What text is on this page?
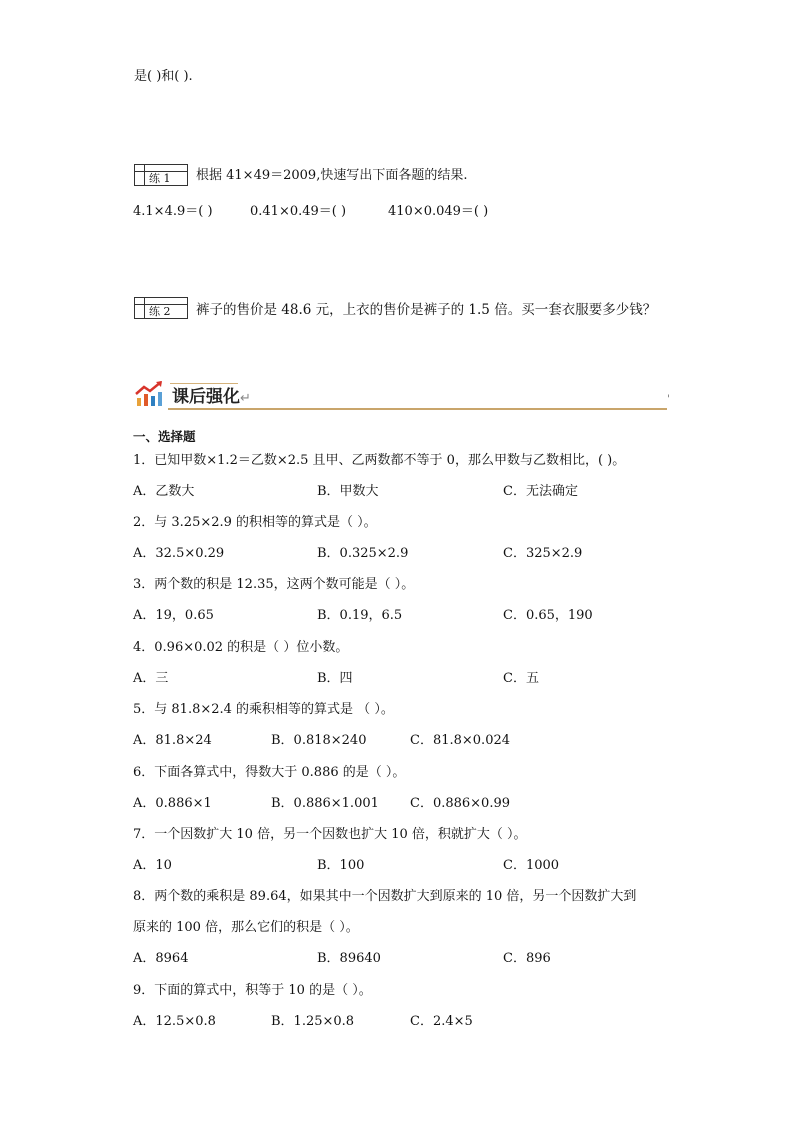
是( )和( ).
练 1 根据 41×49＝2009,快速写出下面各题的结果.
4.1×4.9＝( )	0.41×0.49＝( )	410×0.049＝( )
练 2 裤子的售价是 48.6 元，上衣的售价是裤子的 1.5 倍。买一套衣服要多少钱？
课后强化↵	'
一、选择题
1．已知甲数×1.2＝乙数×2.5 且甲、乙两数都不等于 0，那么甲数与乙数相比，( )。
A．乙数大	B．甲数大	C．无法确定
2．与 3.25×2.9 的积相等的算式是（ ）。
A．32.5×0.29	B．0.325×2.9	C．325×2.9
3．两个数的积是 12.35，这两个数可能是（ ）。
A．19，0.65	B．0.19，6.5	C．0.65，190
4．0.96×0.02 的积是（ ）位小数。
A．三	B．四	C．五
5．与 81.8×2.4 的乘积相等的算式是 （ ）。
A．81.8×24	B．0.818×240	C．81.8×0.024
6．下面各算式中，得数大于 0.886 的是（ ）。
A．0.886×1	B．0.886×1.001 C．0.886×0.99
7．一个因数扩大 10 倍，另一个因数也扩大 10 倍，积就扩大（ ）。
A．10	B．100	C．1000
8．两个数的乘积是 89.64，如果其中一个因数扩大到原来的 10 倍，另一个因数扩大到
原来的 100 倍，那么它们的积是（ ）。
A．8964	B．89640	C．896
9．下面的算式中，积等于 10 的是（ ）。
A．12.5×0.8	B．1.25×0.8	C．2.4×5
